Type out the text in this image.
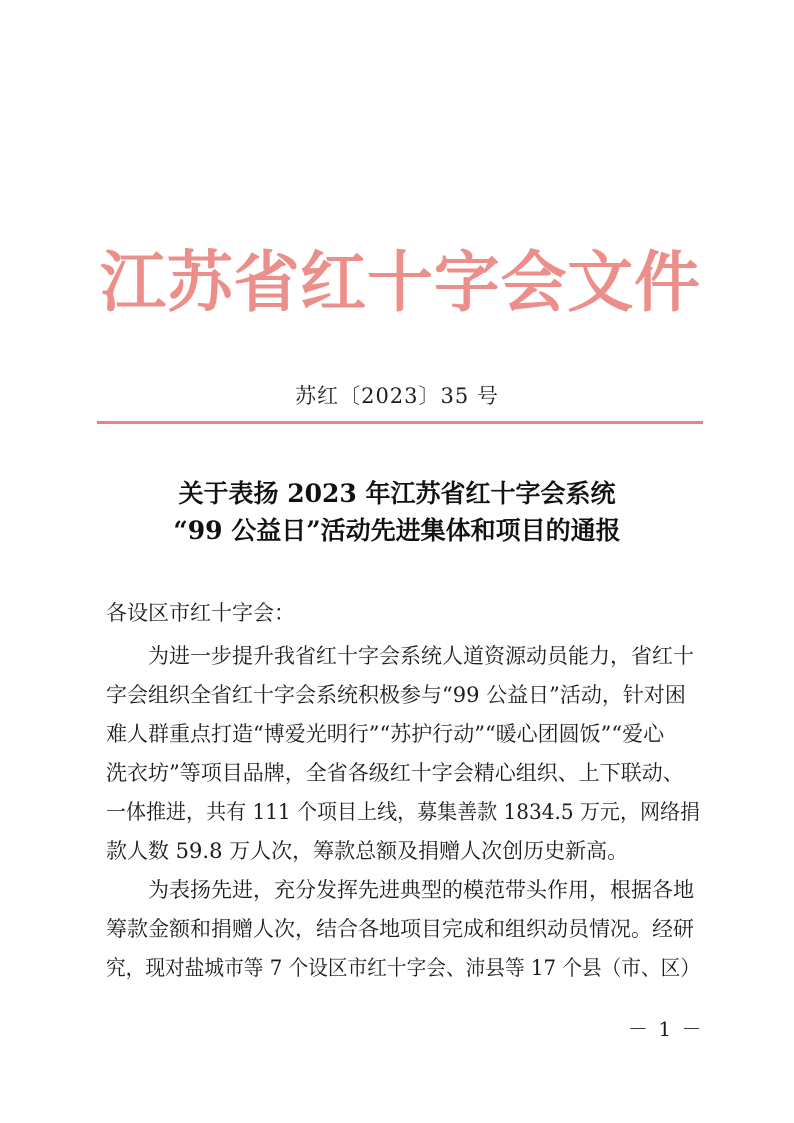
江 苏 省 红 十 字 会 文 件
苏红〔2023〕35 号
关于表扬 2023 年江苏省红十字会系统
“99 公益日”活动先进集体和项目的通报
各设区市红十字会：
为进一步提升我省红十字会系统人道资源动员能力，省红十
字会组织全省红十字会系统积极参与“99 公益日”活动，针对困
难人群重点打造“博爱光明行”“苏护行动”“暖心团圆饭”“爱心
洗衣坊”等项目品牌，全省各级红十字会精心组织、上下联动、
一体推进，共有 111 个项目上线，募集善款 1834.5 万元，网络捐
款人数 59.8 万人次，筹款总额及捐赠人次创历史新高。
为表扬先进，充分发挥先进典型的模范带头作用，根据各地
筹款金额和捐赠人次，结合各地项目完成和组织动员情况。经研
究，现对盐城市等 7 个设区市红十字会、沛县等 17 个县（市、区）
－ 1 －
